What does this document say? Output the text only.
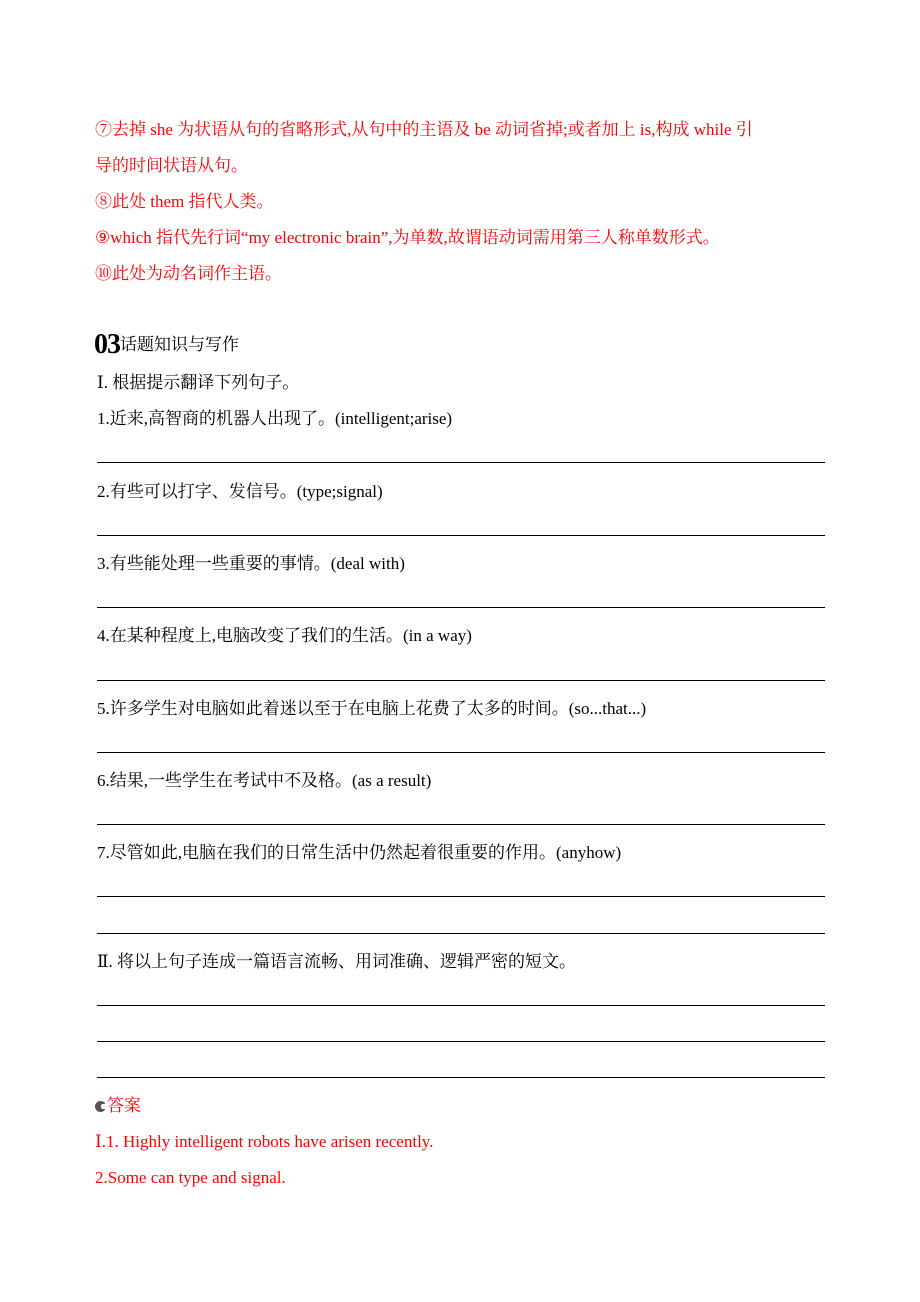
⑦去掉 she 为状语从句的省略形式,从句中的主语及 be 动词省掉;或者加上 is,构成 while 引
导的时间状语从句。
⑧此处 them 指代人类。
⑨which 指代先行词“my electronic brain”,为单数,故谓语动词需用第三人称单数形式。
⑩此处为动名词作主语。
03话题知识与写作
Ⅰ. 根据提示翻译下列句子。
1.近来,高智商的机器人出现了。(intelligent;arise)
2.有些可以打字、发信号。(type;signal)
3.有些能处理一些重要的事情。(deal with)
4.在某种程度上,电脑改变了我们的生活。(in a way)
5.许多学生对电脑如此着迷以至于在电脑上花费了太多的时间。(so...that...)
6.结果,一些学生在考试中不及格。(as a result)
7.尽管如此,电脑在我们的日常生活中仍然起着很重要的作用。(anyhow)
Ⅱ. 将以上句子连成一篇语言流畅、用词准确、逻辑严密的短文。
答案
Ⅰ.1. Highly intelligent robots have arisen recently.
2.Some can type and signal.
